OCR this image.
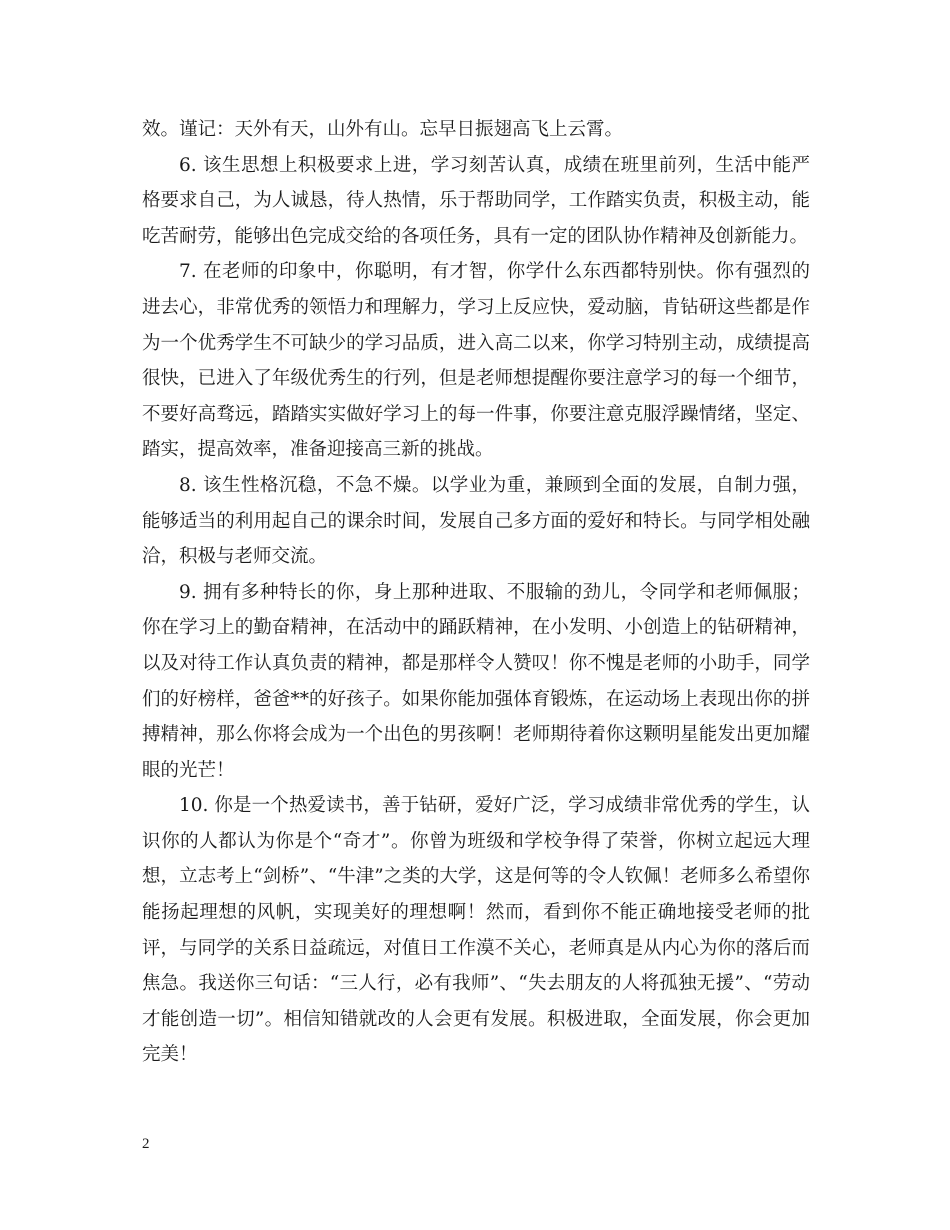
效。谨记：天外有天，山外有山。忘早日振翅高飞上云霄。

6. 该生思想上积极要求上进，学习刻苦认真，成绩在班里前列，生活中能严格要求自己，为人诚恳，待人热情，乐于帮助同学，工作踏实负责，积极主动，能吃苦耐劳，能够出色完成交给的各项任务，具有一定的团队协作精神及创新能力。

7. 在老师的印象中，你聪明，有才智，你学什么东西都特别快。你有强烈的进去心，非常优秀的领悟力和理解力，学习上反应快，爱动脑，肯钻研这些都是作为一个优秀学生不可缺少的学习品质，进入高二以来，你学习特别主动，成绩提高很快，已进入了年级优秀生的行列，但是老师想提醒你要注意学习的每一个细节，不要好高骛远，踏踏实实做好学习上的每一件事，你要注意克服浮躁情绪，坚定、踏实，提高效率，准备迎接高三新的挑战。

8. 该生性格沉稳，不急不燥。以学业为重，兼顾到全面的发展，自制力强，能够适当的利用起自己的课余时间，发展自己多方面的爱好和特长。与同学相处融洽，积极与老师交流。

9. 拥有多种特长的你，身上那种进取、不服输的劲儿，令同学和老师佩服；你在学习上的勤奋精神，在活动中的踊跃精神，在小发明、小创造上的钻研精神，以及对待工作认真负责的精神，都是那样令人赞叹！你不愧是老师的小助手，同学们的好榜样，爸爸**的好孩子。如果你能加强体育锻炼，在运动场上表现出你的拼搏精神，那么你将会成为一个出色的男孩啊！老师期待着你这颗明星能发出更加耀眼的光芒！

10. 你是一个热爱读书，善于钻研，爱好广泛，学习成绩非常优秀的学生，认识你的人都认为你是个“奇才”。你曾为班级和学校争得了荣誉，你树立起远大理想，立志考上“剑桥”、“牛津”之类的大学，这是何等的令人钦佩！老师多么希望你能扬起理想的风帆，实现美好的理想啊！然而，看到你不能正确地接受老师的批评，与同学的关系日益疏远，对值日工作漠不关心，老师真是从内心为你的落后而焦急。我送你三句话：“三人行，必有我师”、“失去朋友的人将孤独无援”、“劳动才能创造一切”。相信知错就改的人会更有发展。积极进取，全面发展，你会更加完美！

2
